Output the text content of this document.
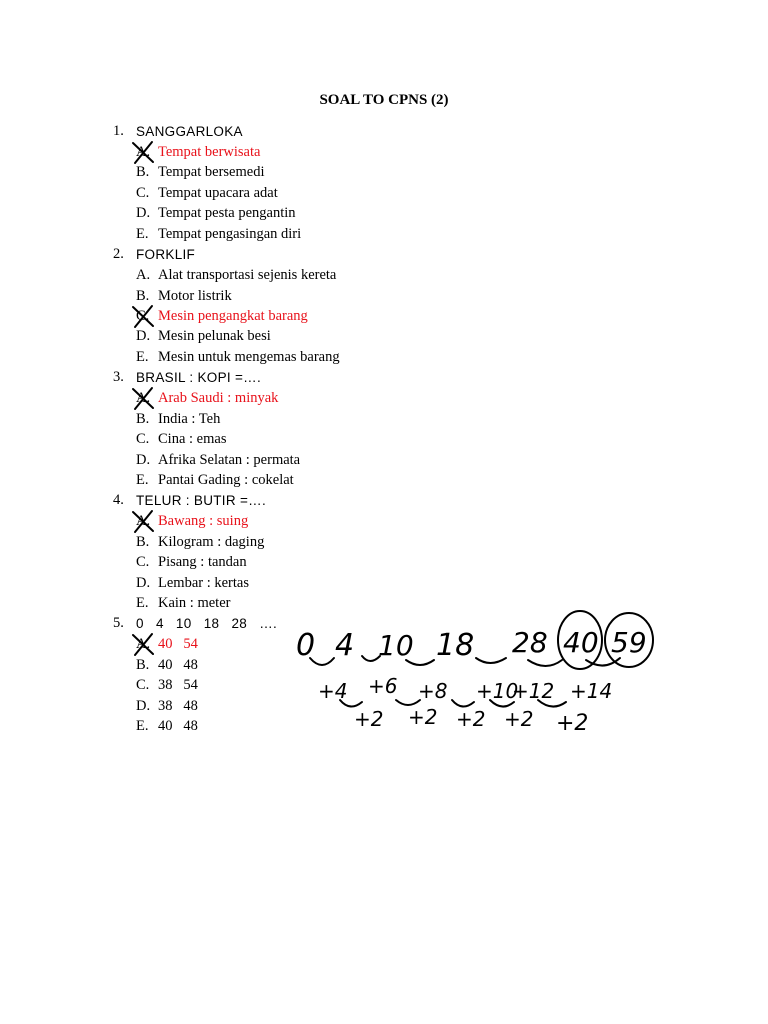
SOAL TO CPNS (2)
1. SANGGARLOKA
A. Tempat berwisata
B. Tempat bersemedi
C. Tempat upacara adat
D. Tempat pesta pengantin
E. Tempat pengasingan diri
2. FORKLIF
A. Alat transportasi sejenis kereta
B. Motor listrik
C. Mesin pengangkat barang
D. Mesin pelunak besi
E. Mesin untuk mengemas barang
3. BRASIL : KOPI =….
A. Arab Saudi : minyak
B. India : Teh
C. Cina : emas
D. Afrika Selatan : permata
E. Pantai Gading : cokelat
4. TELUR : BUTIR =….
A. Bawang : suing
B. Kilogram : daging
C. Pisang : tandan
D. Lembar : kertas
E. Kain : meter
5. 0   4   10   18   28   ….
A. 40   54
B. 40   48
C. 38   54
D. 38   48
E. 40   48
0 4 10 18 28 40 59
+4 +6 +8 +10
+12 +14
+2 +2 +2 +2 +2
